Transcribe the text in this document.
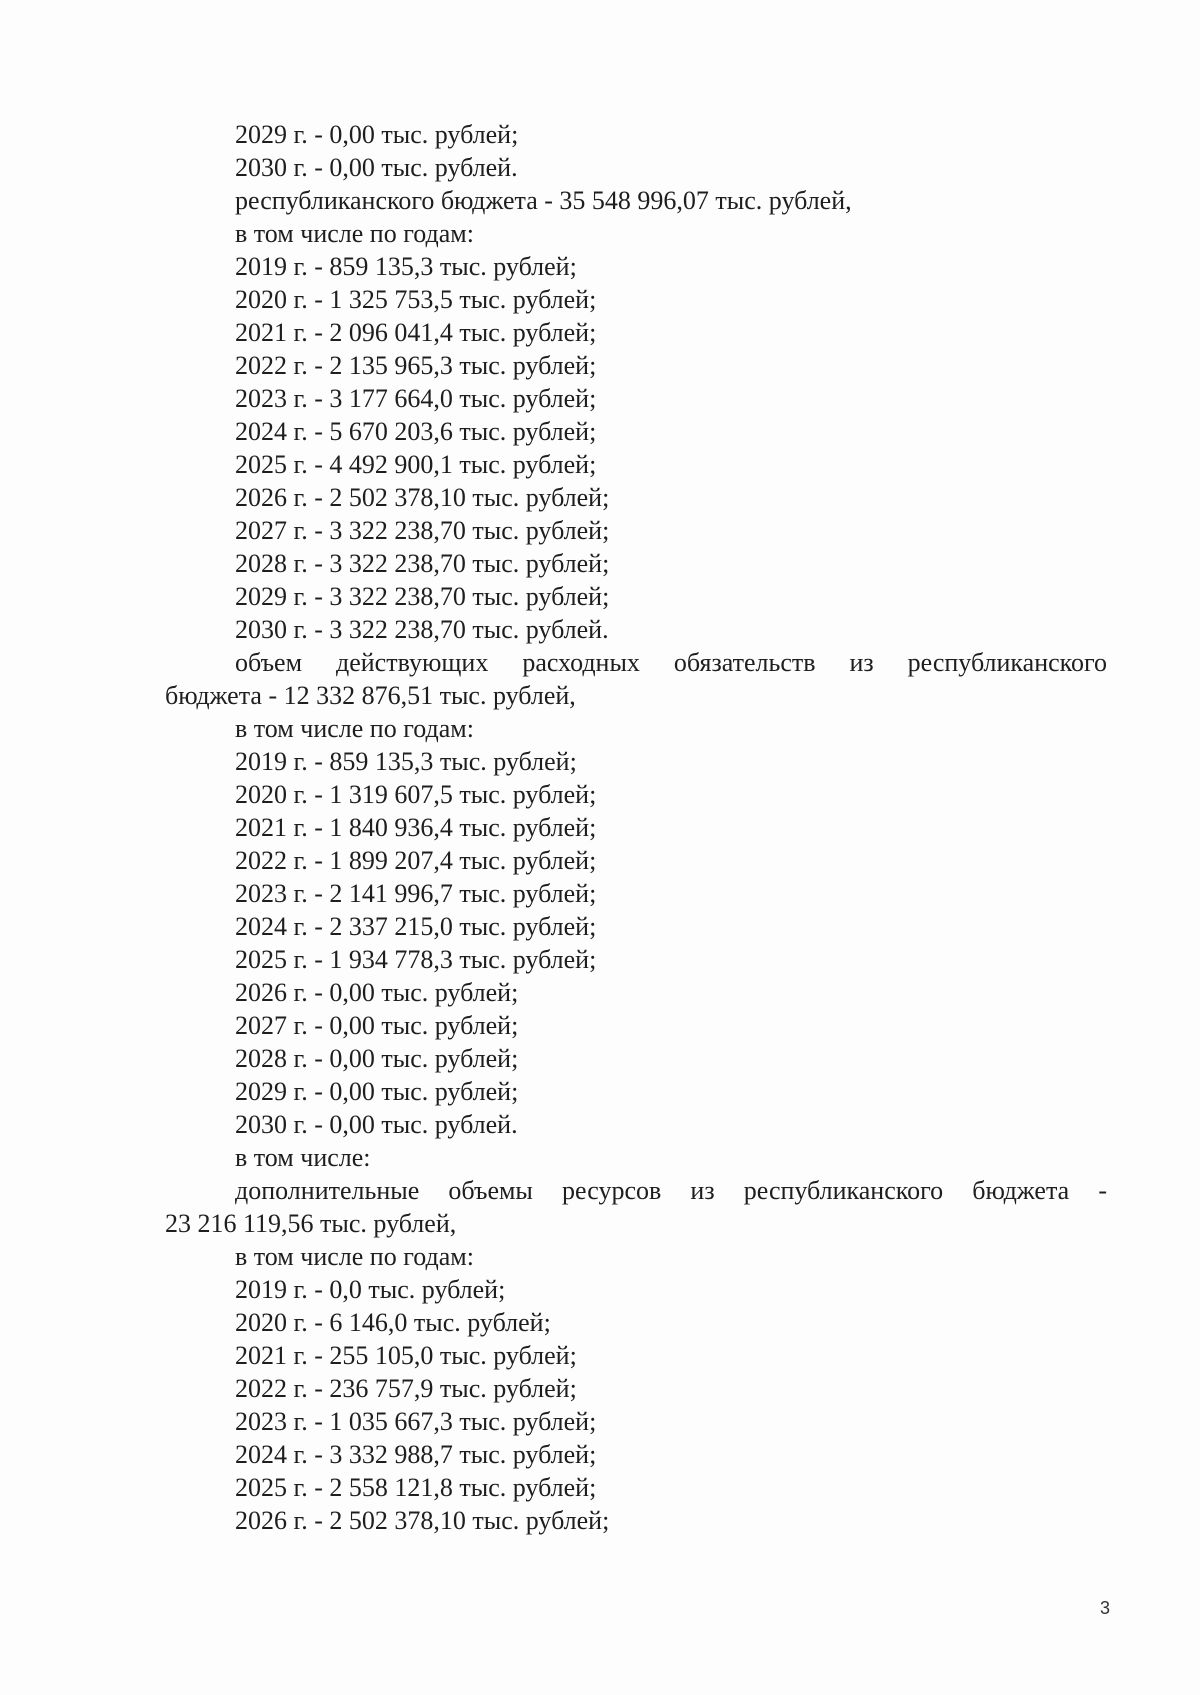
2029 г. - 0,00 тыс. рублей;
2030 г. - 0,00 тыс. рублей.
республиканского бюджета - 35 548 996,07 тыс. рублей,
в том числе по годам:
2019 г. - 859 135,3 тыс. рублей;
2020 г. - 1 325 753,5 тыс. рублей;
2021 г. - 2 096 041,4 тыс. рублей;
2022 г. - 2 135 965,3 тыс. рублей;
2023 г. - 3 177 664,0 тыс. рублей;
2024 г. - 5 670 203,6 тыс. рублей;
2025 г. - 4 492 900,1 тыс. рублей;
2026 г. - 2 502 378,10 тыс. рублей;
2027 г. - 3 322 238,70 тыс. рублей;
2028 г. - 3 322 238,70 тыс. рублей;
2029 г. - 3 322 238,70 тыс. рублей;
2030 г. - 3 322 238,70 тыс. рублей.
объем действующих расходных обязательств из республиканского
бюджета - 12 332 876,51 тыс. рублей,
в том числе по годам:
2019 г. - 859 135,3 тыс. рублей;
2020 г. - 1 319 607,5 тыс. рублей;
2021 г. - 1 840 936,4 тыс. рублей;
2022 г. - 1 899 207,4 тыс. рублей;
2023 г. - 2 141 996,7 тыс. рублей;
2024 г. - 2 337 215,0 тыс. рублей;
2025 г. - 1 934 778,3 тыс. рублей;
2026 г. - 0,00 тыс. рублей;
2027 г. - 0,00 тыс. рублей;
2028 г. - 0,00 тыс. рублей;
2029 г. - 0,00 тыс. рублей;
2030 г. - 0,00 тыс. рублей.
в том числе:
дополнительные объемы ресурсов из республиканского бюджета -
23 216 119,56 тыс. рублей,
в том числе по годам:
2019 г. - 0,0 тыс. рублей;
2020 г. - 6 146,0 тыс. рублей;
2021 г. - 255 105,0 тыс. рублей;
2022 г. - 236 757,9 тыс. рублей;
2023 г. - 1 035 667,3 тыс. рублей;
2024 г. - 3 332 988,7 тыс. рублей;
2025 г. - 2 558 121,8 тыс. рублей;
2026 г. - 2 502 378,10 тыс. рублей;
3
